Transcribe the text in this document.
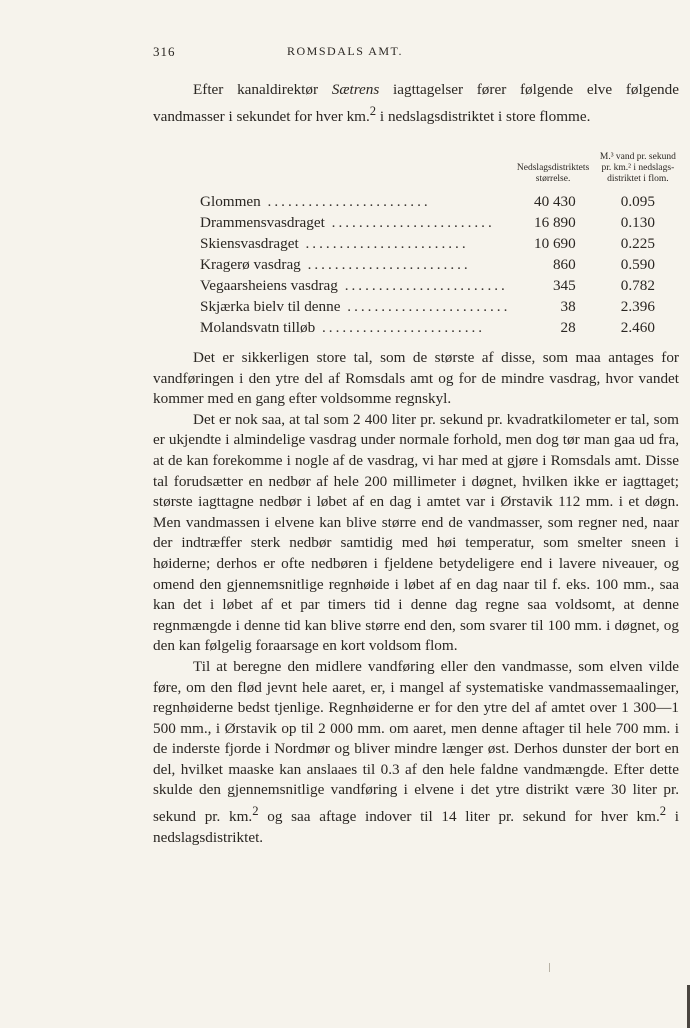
316	ROMSDALS AMT.

Efter kanaldirektør Sætrens iagttagelser fører følgende elve følgende vandmasser i sekundet for hver km.$^2$ i nedslagsdistriktet i store flomme.

	Nedslagsdistriktets størrelse.	M.³ vand pr. sekund pr. km.² i nedslags-distriktet i flom.
Glommen ........................	40 430	0.095
Drammensvasdraget ........................	16 890	0.130
Skiensvasdraget ........................	10 690	0.225
Kragerø vasdrag ........................	860	0.590
Vegaarsheiens vasdrag ........................	345	0.782
Skjærka bielv til denne ........................	38	2.396
Molandsvatn tilløb ........................	28	2.460

Det er sikkerligen store tal, som de største af disse, som maa antages for vandføringen i den ytre del af Romsdals amt og for de mindre vasdrag, hvor vandet kommer med en gang efter voldsomme regnskyl.

Det er nok saa, at tal som 2 400 liter pr. sekund pr. kvadratkilometer er tal, som er ukjendte i almindelige vasdrag under normale forhold, men dog tør man gaa ud fra, at de kan forekomme i nogle af de vasdrag, vi har med at gjøre i Romsdals amt. Disse tal forudsætter en nedbør af hele 200 millimeter i døgnet, hvilken ikke er iagttaget; største iagttagne nedbør i løbet af en dag i amtet var i Ørstavik 112 mm. i et døgn. Men vandmassen i elvene kan blive større end de vandmasser, som regner ned, naar der indtræffer sterk nedbør samtidig med høi temperatur, som smelter sneen i høiderne; derhos er ofte nedbøren i fjeldene betydeligere end i lavere niveauer, og omend den gjennemsnitlige regnhøide i løbet af en dag naar til f. eks. 100 mm., saa kan det i løbet af et par timers tid i denne dag regne saa voldsomt, at denne regnmængde i denne tid kan blive større end den, som svarer til 100 mm. i døgnet, og den kan følgelig foraarsage en kort voldsom flom.

Til at beregne den midlere vandføring eller den vandmasse, som elven vilde føre, om den flød jevnt hele aaret, er, i mangel af systematiske vandmassemaalinger, regnhøiderne bedst tjenlige. Regnhøiderne er for den ytre del af amtet over 1 300—1 500 mm., i Ørstavik op til 2 000 mm. om aaret, men denne aftager til hele 700 mm. i de inderste fjorde i Nordmør og bliver mindre længer øst. Derhos dunster der bort en del, hvilket maaske kan anslaaes til 0.3 af den hele faldne vandmængde. Efter dette skulde den gjennemsnitlige vandføring i elvene i det ytre distrikt være 30 liter pr. sekund pr. km.$^2$ og saa aftage indover til 14 liter pr. sekund for hver km.$^2$ i nedslagsdistriktet.
